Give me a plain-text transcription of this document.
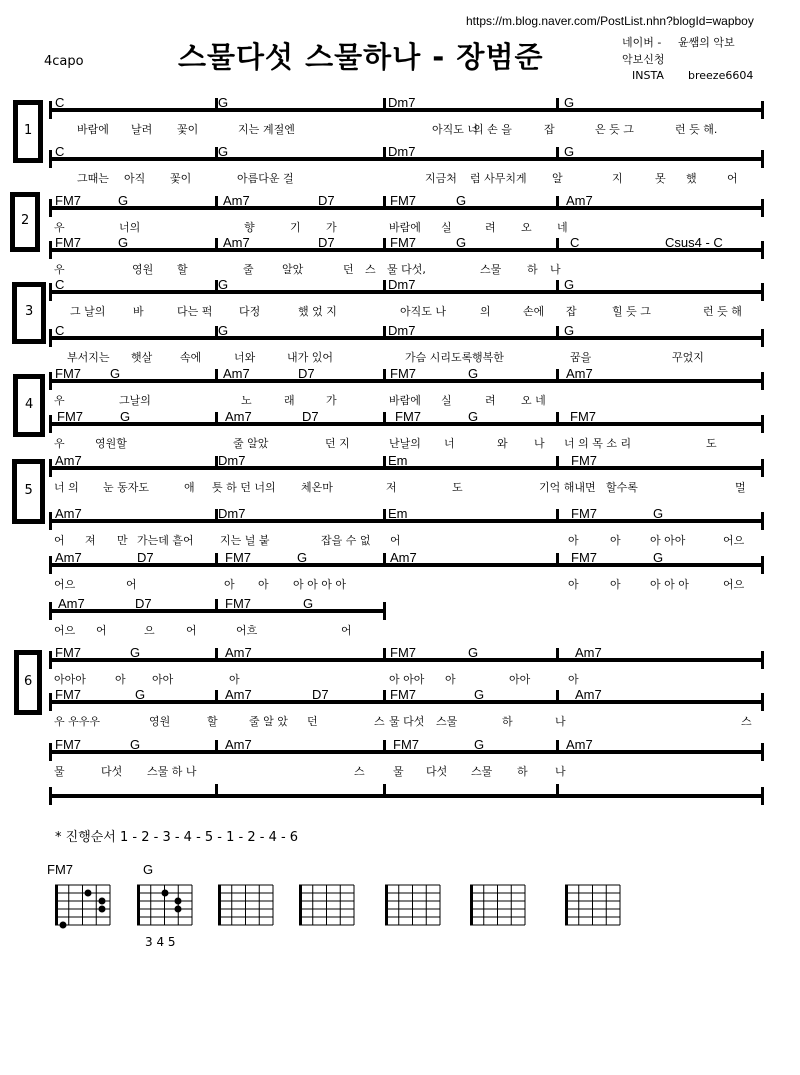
https://m.blog.naver.com/PostList.nhn?blogId=wapboy
4capo	스물다섯 스물하나 - 장범준	네이버 - 윤쌤의 악보
악보신청
INSTA breeze6604
C	G	Dm7	G
바람에 날려 꽃이	지는 계절엔	아직도 너
의 손 을	잡	은 듯 그	런 듯 해.
C	G	Dm7	G
그때는 아직 꽃이	아름다운 걸	지금처 럼 사무치게 알	지	못 했	어
FM7	G	Am7	D7	FM7	G	Am7
우	너의	향	기 가	바람에 실	려 오 네
FM7	G	Am7	D7	FM7	G	C	Csus4 - C
우	영원 할	줄	알았	던 스 물 다섯,	스물 하 나
C	G	Dm7	G
그 날의	바	다는 퍽 다정	했 었 지	아직도 나	의	손에 잡	힐 듯 그	런 듯 해
C	G	Dm7	G
부서지는 햇살	속에	너와	내가 있어	가슴 시리도록 행복한	꿈을	꾸었지
FM7 G	Am7	D7	FM7	G	Am7
우	그날의	노	래	가	바람에 실	려 오 네
FM7	G	Am7	D7	FM7	G	FM7
우	영원할	줄 알았	던 지	난날의 너	와 나 너 의 목 소 리	도
Am7	Dm7	Em	FM7
너 의 눈 동자도	애 틋 하 던 너의 체온마	저	도	기억 해내면 할수록	멀
Am7	Dm7	Em	FM7	G
어 져 만 가는데 흩어 지는 널 붙	잡을 수 없 어	아	아	아 아아	어으
Am7	D7	FM7	G	Am7	FM7	G
어으	어	아 아 아 아 아 아	아	아	아 아 아	어으
Am7	D7	FM7	G
어으 어	으	어	어흐	어
FM7	G	Am7	FM7	G	Am7
아아아	아 아아	아	아 아아 아	아아	아
FM7	G	Am7	D7	FM7	G	Am7
우 우우우	영원	할	줄 알 았 던	스 물 다섯 스물	하	나	스
FM7	G	Am7	FM7	G	Am7
물	다섯 스물 하 나	스	물 다섯 스물 하 나
1
2
3
4
5
6
* 진행순서 1 - 2 - 3 - 4 - 5 - 1 - 2 - 4 - 6
FM7	G
3 4 5
